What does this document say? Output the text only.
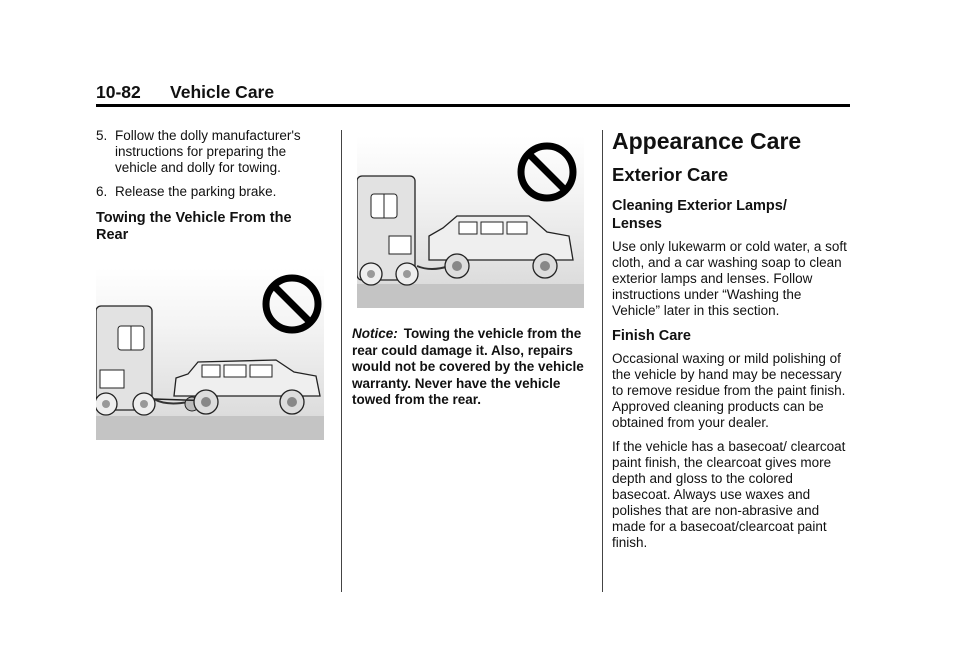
10-82 Vehicle Care
5. Follow the dolly manufacturer's instructions for preparing the vehicle and dolly for towing.
6. Release the parking brake.
Towing the Vehicle From the Rear

Notice: Towing the vehicle from the rear could damage it. Also, repairs would not be covered by the vehicle warranty. Never have the vehicle towed from the rear.

Appearance Care
Exterior Care
Cleaning Exterior Lamps/ Lenses

Use only lukewarm or cold water, a soft cloth, and a car washing soap to clean exterior lamps and lenses. Follow instructions under “Washing the Vehicle” later in this section.

Finish Care

Occasional waxing or mild polishing of the vehicle by hand may be necessary to remove residue from the paint finish. Approved cleaning products can be obtained from your dealer.

If the vehicle has a basecoat/ clearcoat paint finish, the clearcoat gives more depth and gloss to the colored basecoat. Always use waxes and polishes that are non-abrasive and made for a basecoat/clearcoat paint finish.
